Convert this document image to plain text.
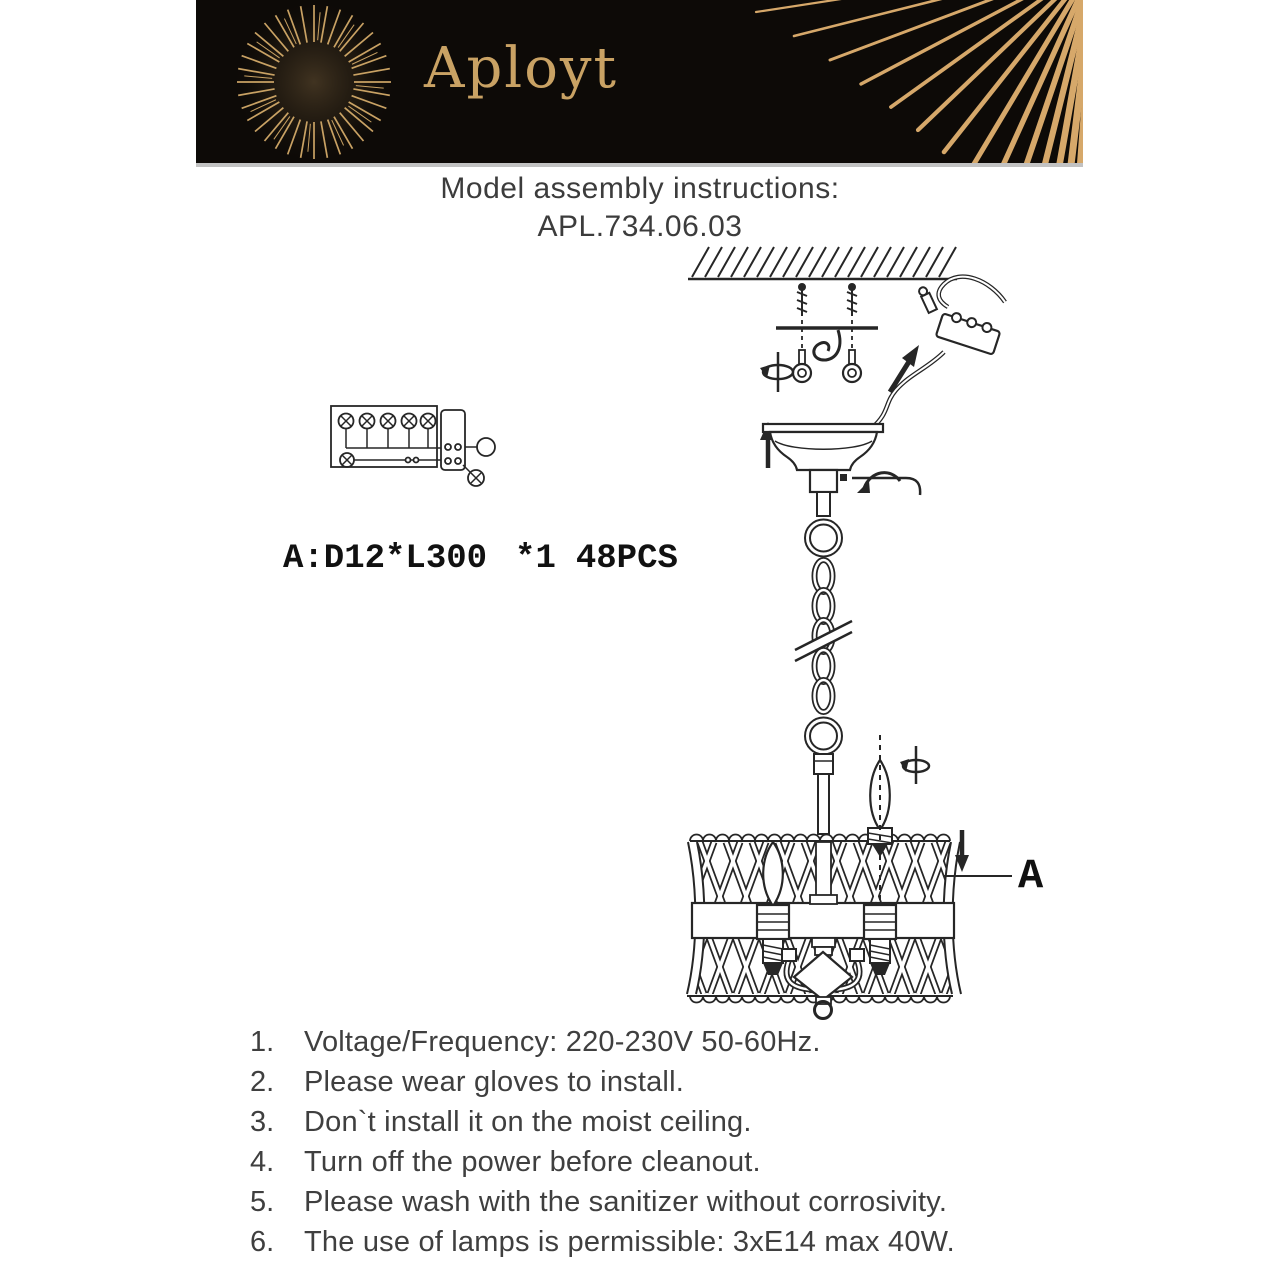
Aployt
Model assembly instructions:
APL.734.06.03
A:D12*L300 *1 48PCS
A
1.	Voltage/Frequency: 220-230V 50-60Hz.
2.	Please wear gloves to install.
3.	Don`t install it on the moist ceiling.
4.	Turn off the power before cleanout.
5.	Please wash with the sanitizer without corrosivity.
6.	The use of lamps is permissible: 3xE14 max 40W.
